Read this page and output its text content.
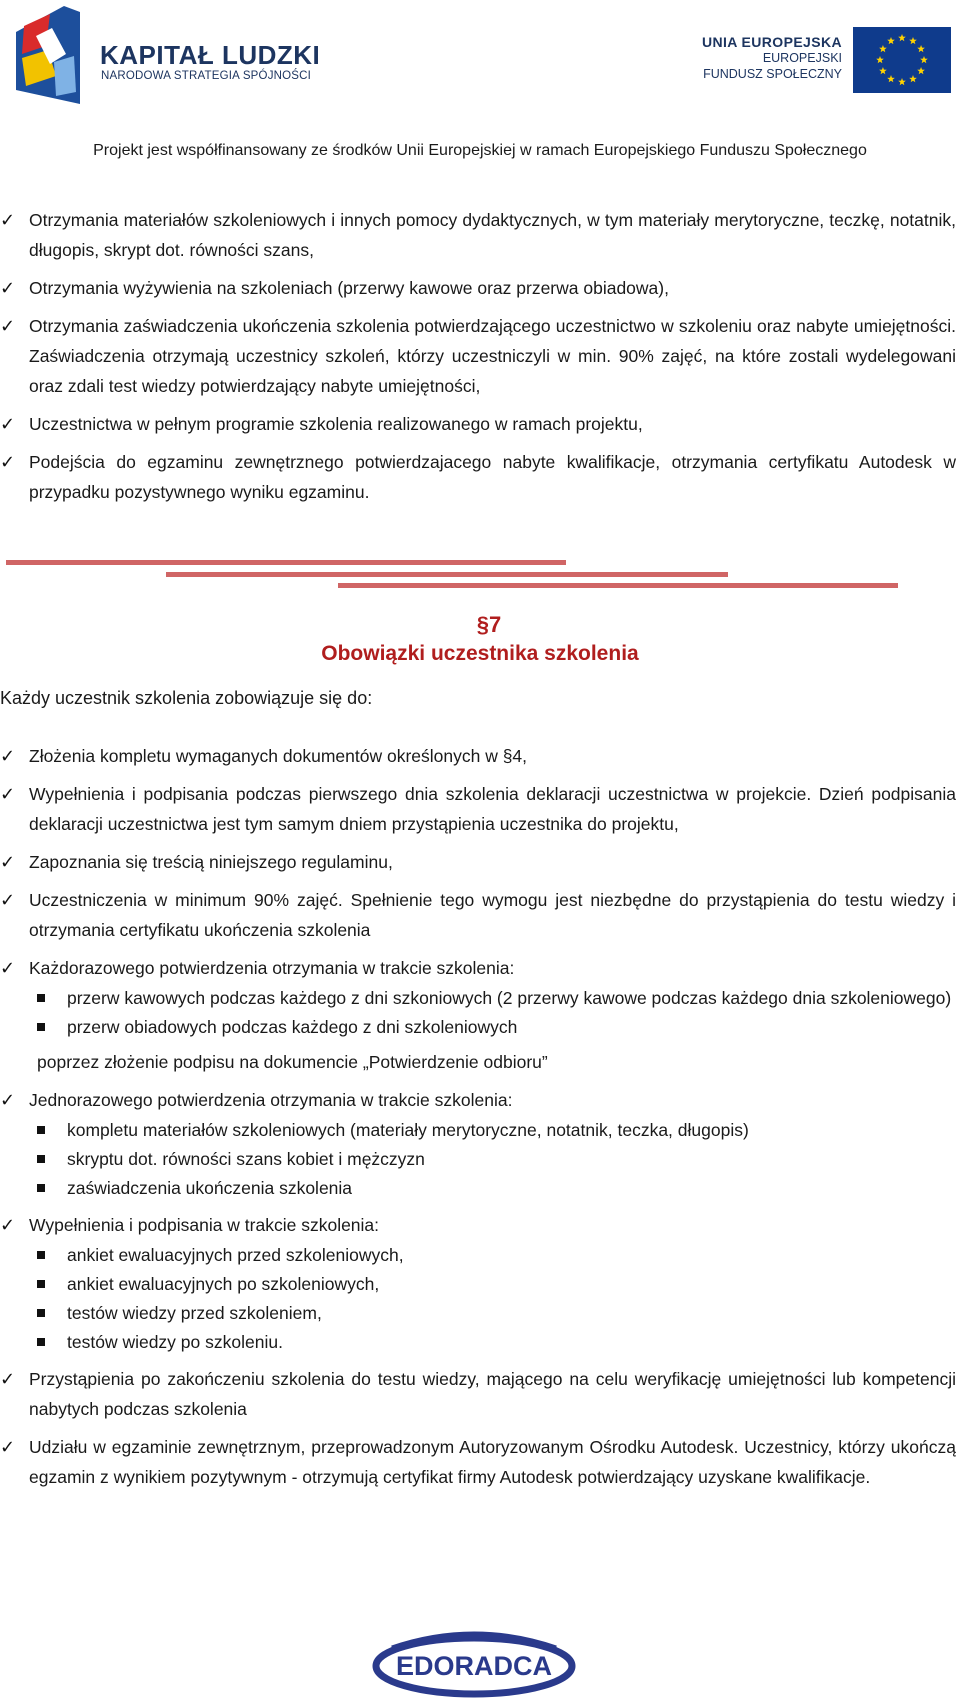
KAPITAŁ LUDZKI
NARODOWA STRATEGIA SPÓJNOŚCI
UNIA EUROPEJSKA
EUROPEJSKI
FUNDUSZ SPOŁECZNY
Projekt jest współfinansowany ze środków Unii Europejskiej w ramach Europejskiego Funduszu Społecznego
✓ Otrzymania materiałów szkoleniowych i innych pomocy dydaktycznych, w tym materiały merytoryczne, teczkę, notatnik, długopis, skrypt dot. równości szans,
✓ Otrzymania wyżywienia na szkoleniach (przerwy kawowe oraz przerwa obiadowa),
✓ Otrzymania zaświadczenia ukończenia szkolenia potwierdzającego uczestnictwo w szkoleniu oraz nabyte umiejętności. Zaświadczenia otrzymają uczestnicy szkoleń, którzy uczestniczyli w min. 90% zajęć, na które zostali wydelegowani oraz zdali test wiedzy potwierdzający nabyte umiejętności,
✓ Uczestnictwa w pełnym programie szkolenia realizowanego w ramach projektu,
✓ Podejścia do egzaminu zewnętrznego potwierdzajacego nabyte kwalifikacje, otrzymania certyfikatu Autodesk w przypadku pozystywnego wyniku egzaminu.
§7
Obowiązki uczestnika szkolenia
Każdy uczestnik szkolenia zobowiązuje się do:
✓ Złożenia kompletu wymaganych dokumentów określonych w §4,
✓ Wypełnienia i podpisania podczas pierwszego dnia szkolenia deklaracji uczestnictwa w projekcie. Dzień podpisania deklaracji uczestnictwa jest tym samym dniem przystąpienia uczestnika do projektu,
✓ Zapoznania się treścią niniejszego regulaminu,
✓ Uczestniczenia w minimum 90% zajęć. Spełnienie tego wymogu jest niezbędne do przystąpienia do testu wiedzy i otrzymania certyfikatu ukończenia szkolenia
✓ Każdorazowego potwierdzenia otrzymania w trakcie szkolenia:
przerw kawowych podczas każdego z dni szkoniowych (2 przerwy kawowe podczas każdego dnia szkoleniowego)
przerw obiadowych podczas każdego z dni szkoleniowych
poprzez złożenie podpisu na dokumencie „Potwierdzenie odbioru”
✓ Jednorazowego potwierdzenia otrzymania w trakcie szkolenia:
kompletu materiałów szkoleniowych (materiały merytoryczne, notatnik, teczka, długopis)
skryptu dot. równości szans kobiet i mężczyzn
zaświadczenia ukończenia szkolenia
✓ Wypełnienia i podpisania w trakcie szkolenia:
ankiet ewaluacyjnych przed szkoleniowych,
ankiet ewaluacyjnych po szkoleniowych,
testów wiedzy przed szkoleniem,
testów wiedzy po szkoleniu.
✓ Przystąpienia po zakończeniu szkolenia do testu wiedzy, mającego na celu weryfikację umiejętności lub kompetencji nabytych podczas szkolenia
✓ Udziału w egzaminie zewnętrznym, przeprowadzonym Autoryzowanym Ośrodku Autodesk. Uczestnicy, którzy ukończą egzamin z wynikiem pozytywnym - otrzymują certyfikat firmy Autodesk potwierdzający uzyskane kwalifikacje.
EDORADCA
